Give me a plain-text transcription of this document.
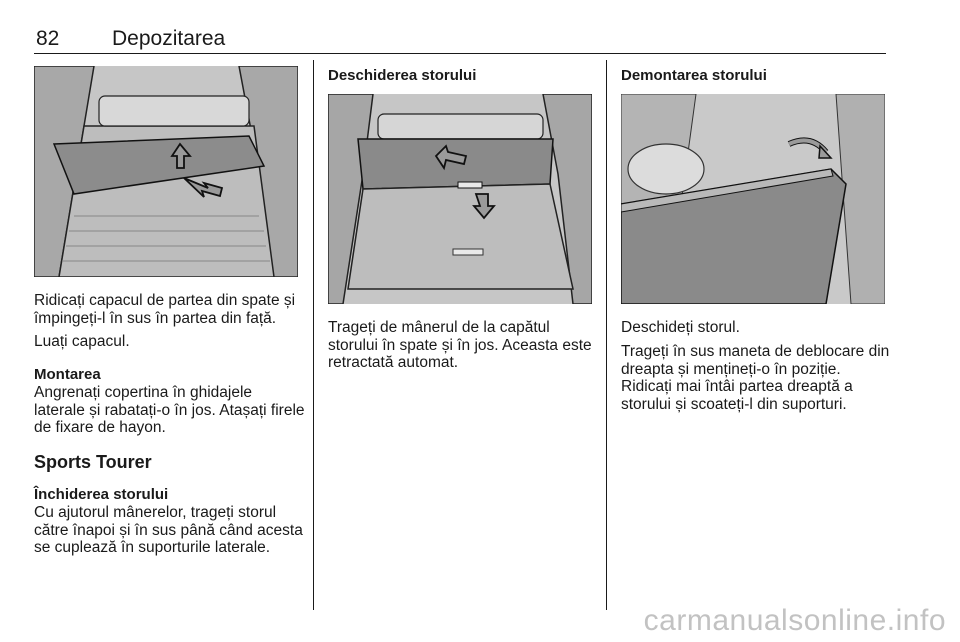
82	Depozitarea
Ridicați capacul de partea din spate și împingeți-l în sus în partea din față.
Luați capacul.
Montarea
Angrenați copertina în ghidajele laterale și rabatați-o în jos. Atașați firele de fixare de hayon.
Sports Tourer
Închiderea storului
Cu ajutorul mânerelor, trageți storul către înapoi și în sus până când acesta se cuplează în suporturile laterale.
Deschiderea storului
Trageți de mânerul de la capătul storului în spate și în jos. Aceasta este retractată automat.
Demontarea storului
Deschideți storul.
Trageți în sus maneta de deblocare din dreapta și mențineți-o în poziție. Ridicați mai întâi partea dreaptă a storului și scoateți-l din suporturi.
carmanualsonline.info
